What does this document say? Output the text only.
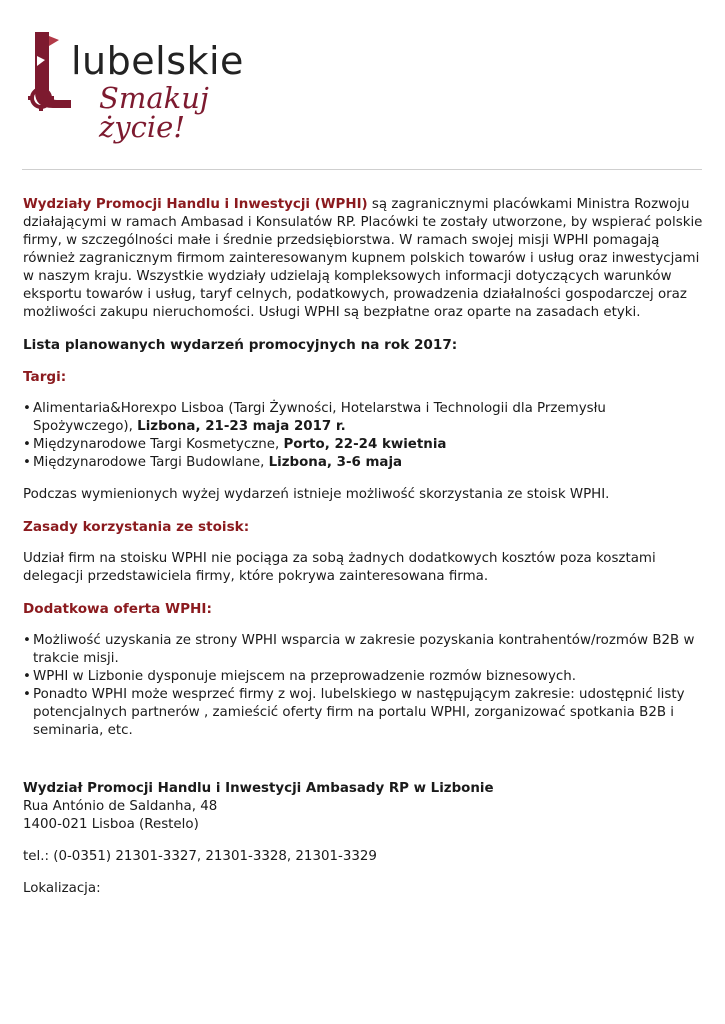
lubelskie
Smakuj życie!

Wydziały Promocji Handlu i Inwestycji (WPHI) są zagranicznymi placówkami Ministra Rozwoju działającymi w ramach Ambasad i Konsulatów RP. Placówki te zostały utworzone, by wspierać polskie firmy, w szczególności małe i średnie przedsiębiorstwa. W ramach swojej misji WPHI pomagają również zagranicznym firmom zainteresowanym kupnem polskich towarów i usług oraz inwestycjami w naszym kraju. Wszystkie wydziały udzielają kompleksowych informacji dotyczących warunków eksportu towarów i usług, taryf celnych, podatkowych, prowadzenia działalności gospodarczej oraz możliwości zakupu nieruchomości. Usługi WPHI są bezpłatne oraz oparte na zasadach etyki.

Lista planowanych wydarzeń promocyjnych na rok 2017:
Targi:
• Alimentaria&Horexpo Lisboa (Targi Żywności, Hotelarstwa i Technologii dla Przemysłu Spożywczego), Lizbona, 21-23 maja 2017 r.
• Międzynarodowe Targi Kosmetyczne, Porto, 22-24 kwietnia
• Międzynarodowe Targi Budowlane, Lizbona, 3-6 maja

Podczas wymienionych wyżej wydarzeń istnieje możliwość skorzystania ze stoisk WPHI.

Zasady korzystania ze stoisk:

Udział firm na stoisku WPHI nie pociąga za sobą żadnych dodatkowych kosztów poza kosztami delegacji przedstawiciela firmy, które pokrywa zainteresowana firma.

Dodatkowa oferta WPHI:
• Możliwość uzyskania ze strony WPHI wsparcia w zakresie pozyskania kontrahentów/rozmów B2B w trakcie misji.
• WPHI w Lizbonie dysponuje miejscem na przeprowadzenie rozmów biznesowych.
• Ponadto WPHI może wesprzeć firmy z woj. lubelskiego w następującym zakresie: udostępnić listy potencjalnych partnerów , zamieścić oferty firm na portalu WPHI, zorganizować spotkania B2B i seminaria, etc.

Wydział Promocji Handlu i Inwestycji Ambasady RP w Lizbonie

Rua António de Saldanha, 48

1400-021 Lisboa (Restelo)

tel.: (0-0351) 21301-3327, 21301-3328, 21301-3329

Lokalizacja:
